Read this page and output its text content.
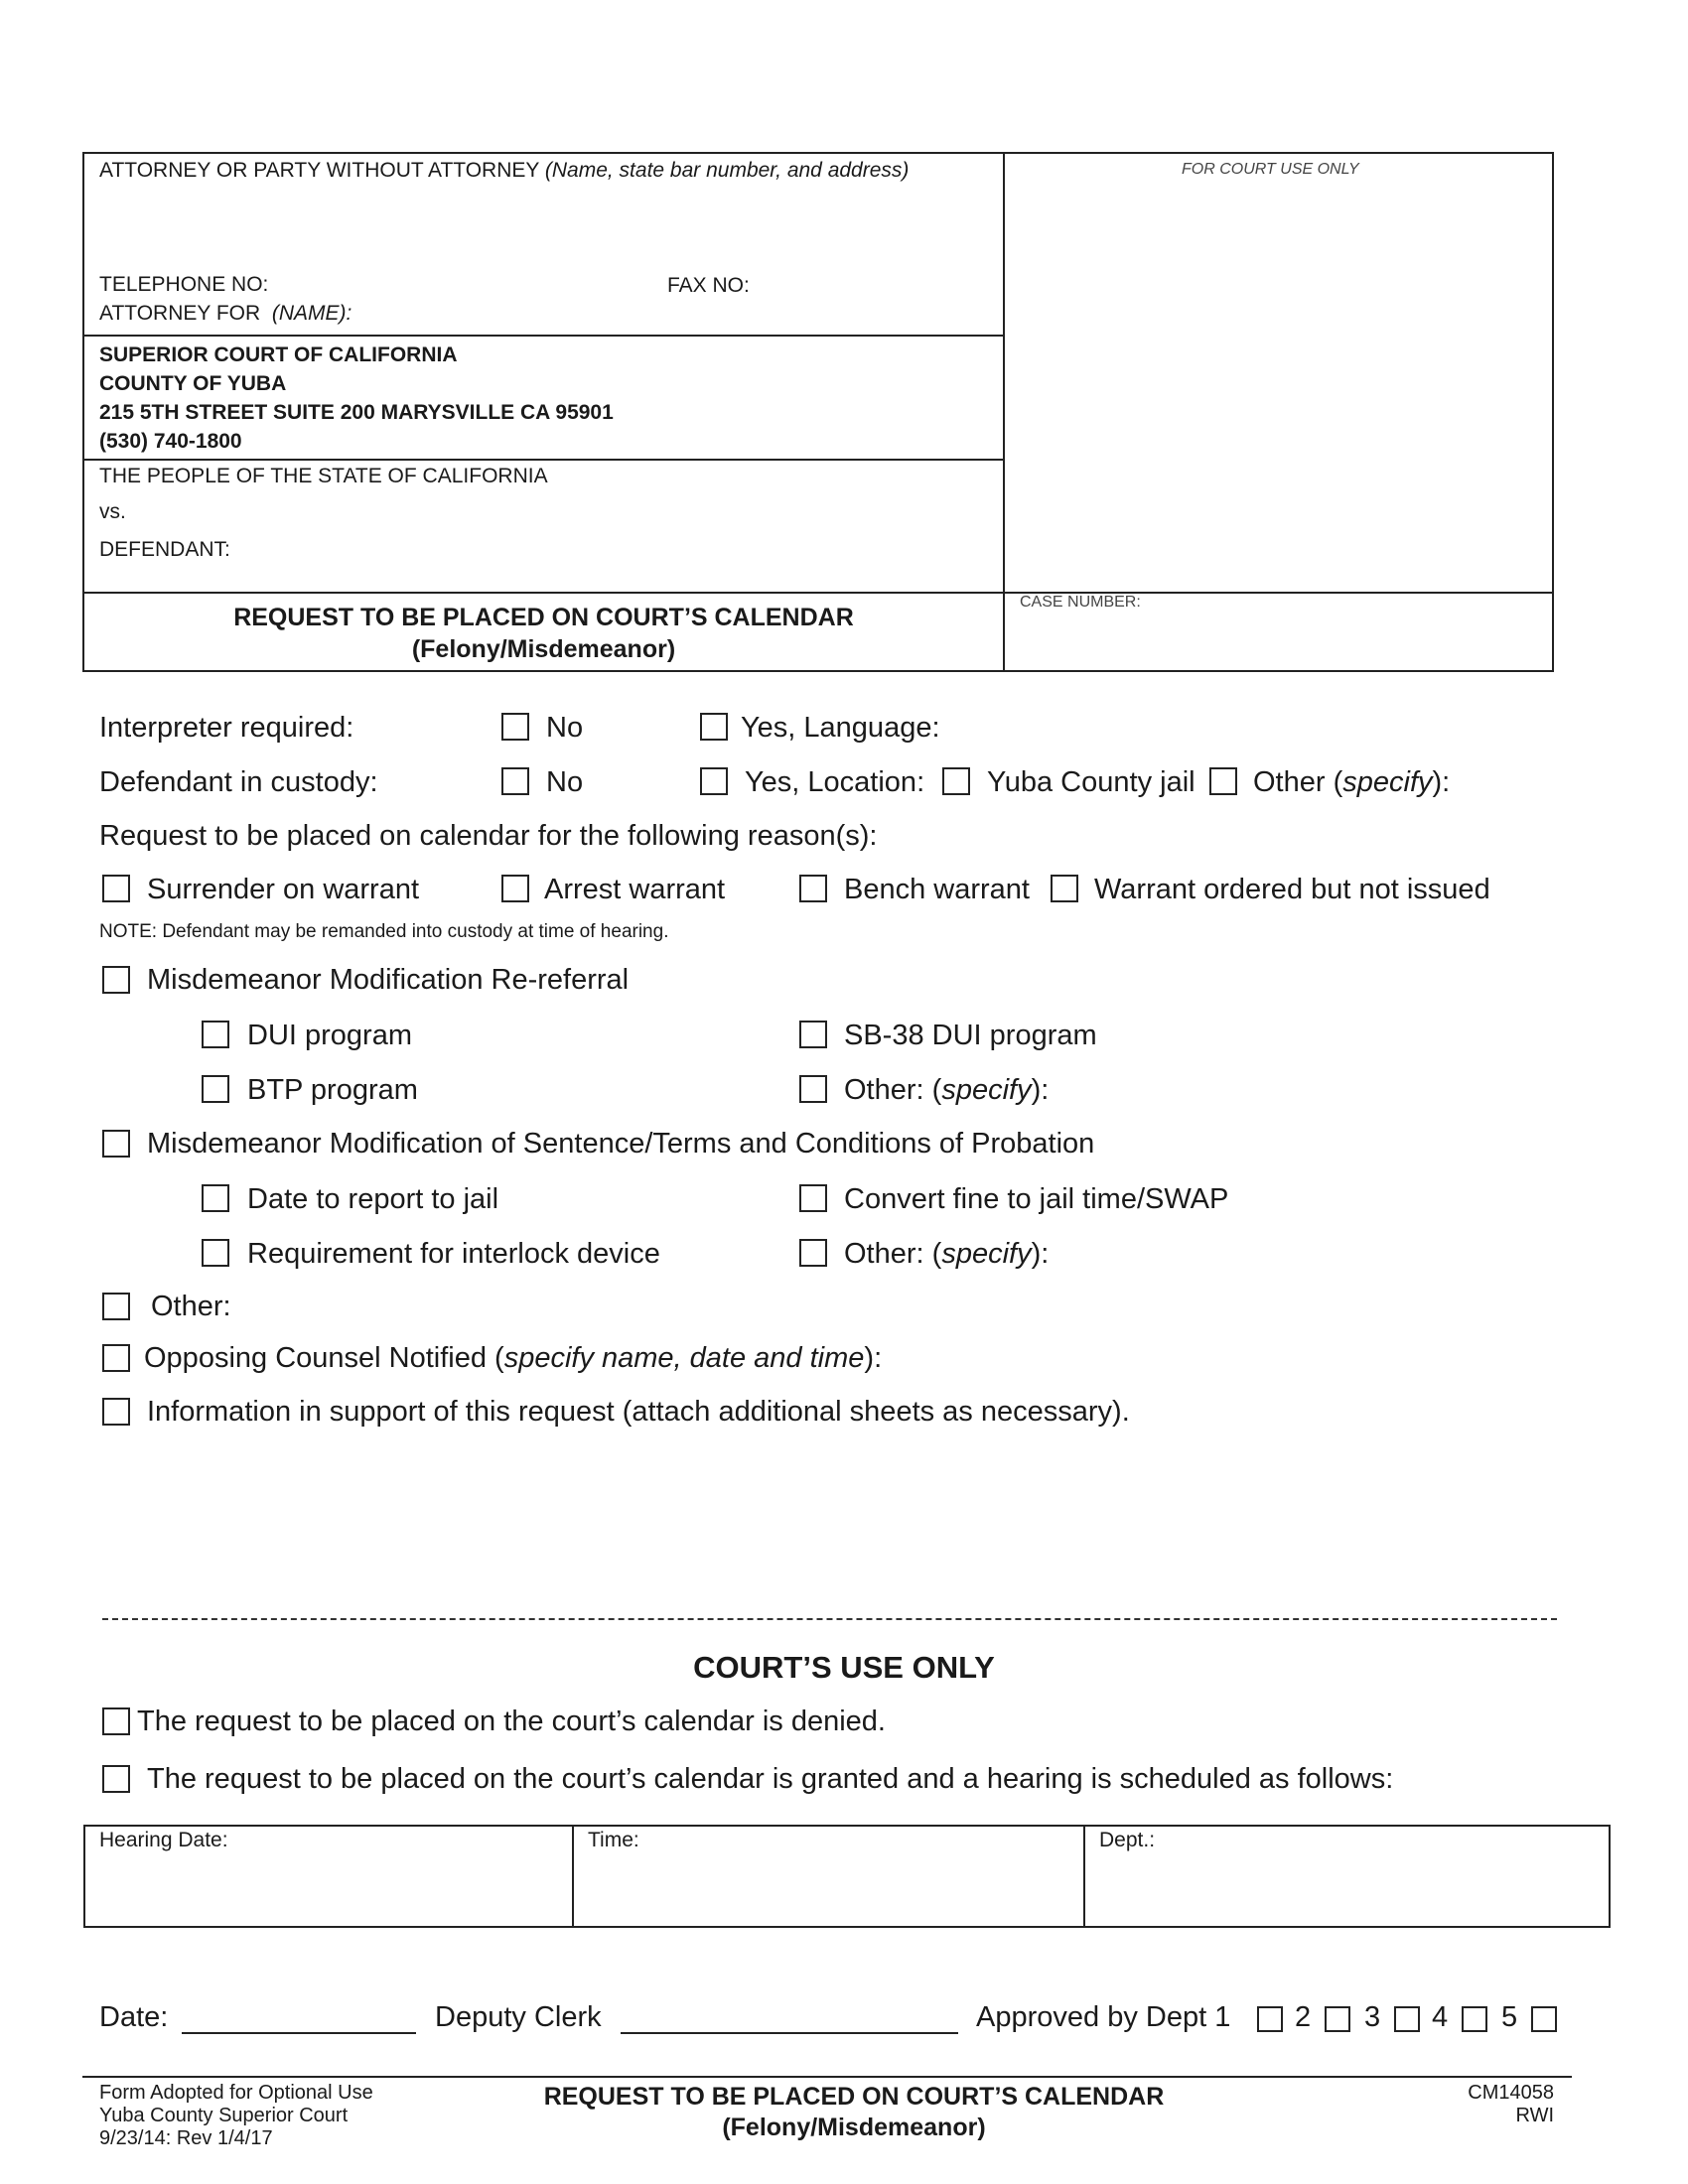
ATTORNEY OR PARTY WITHOUT ATTORNEY (Name, state bar number, and address)	FOR COURT USE ONLY
TELEPHONE NO:	FAX NO:
ATTORNEY FOR (NAME):
SUPERIOR COURT OF CALIFORNIA
COUNTY OF YUBA
215 5TH STREET SUITE 200 MARYSVILLE CA 95901
(530) 740-1800
THE PEOPLE OF THE STATE OF CALIFORNIA
vs.
DEFENDANT:
REQUEST TO BE PLACED ON COURT’S CALENDAR
(Felony/Misdemeanor)
CASE NUMBER:
Interpreter required:	No	Yes, Language:
Defendant in custody:	No	Yes, Location: Yuba County jail Other (specify):
Request to be placed on calendar for the following reason(s):
Surrender on warrant	Arrest warrant	Bench warrant Warrant ordered but not issued
NOTE: Defendant may be remanded into custody at time of hearing.
Misdemeanor Modification Re-referral
DUI program	SB-38 DUI program
BTP program	Other: (specify):
Misdemeanor Modification of Sentence/Terms and Conditions of Probation
Date to report to jail	Convert fine to jail time/SWAP
Requirement for interlock device	Other: (specify):
Other:
Opposing Counsel Notified (specify name, date and time):
Information in support of this request (attach additional sheets as necessary).
COURT’S USE ONLY
The request to be placed on the court’s calendar is denied.
The request to be placed on the court’s calendar is granted and a hearing is scheduled as follows:
Hearing Date:	Time:	Dept.:
Date:	Deputy Clerk	Approved by Dept 1 2 3 4 5
Form Adopted for Optional Use
Yuba County Superior Court
9/23/14: Rev 1/4/17
REQUEST TO BE PLACED ON COURT’S CALENDAR
(Felony/Misdemeanor)
CM14058
RWI
